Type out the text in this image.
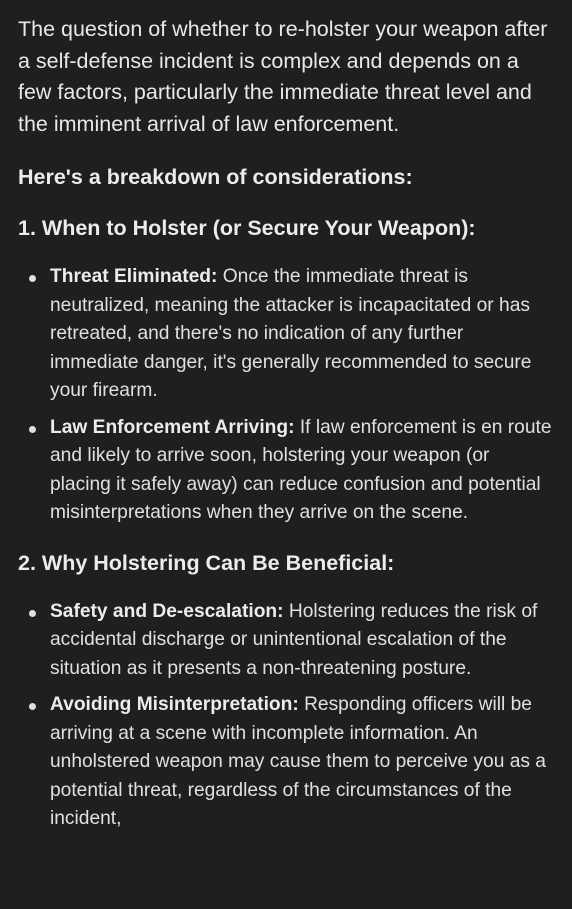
The question of whether to re-holster your weapon after a self-defense incident is complex and depends on a few factors, particularly the immediate threat level and the imminent arrival of law enforcement.

Here's a breakdown of considerations:
1. When to Holster (or Secure Your Weapon):
Threat Eliminated: Once the immediate threat is neutralized, meaning the attacker is incapacitated or has retreated, and there's no indication of any further immediate danger, it's generally recommended to secure your firearm.
Law Enforcement Arriving: If law enforcement is en route and likely to arrive soon, holstering your weapon (or placing it safely away) can reduce confusion and potential misinterpretations when they arrive on the scene.
2. Why Holstering Can Be Beneficial:
Safety and De-escalation: Holstering reduces the risk of accidental discharge or unintentional escalation of the situation as it presents a non-threatening posture.
Avoiding Misinterpretation: Responding officers will be arriving at a scene with incomplete information. An unholstered weapon may cause them to perceive you as a potential threat, regardless of the circumstances of the incident,
